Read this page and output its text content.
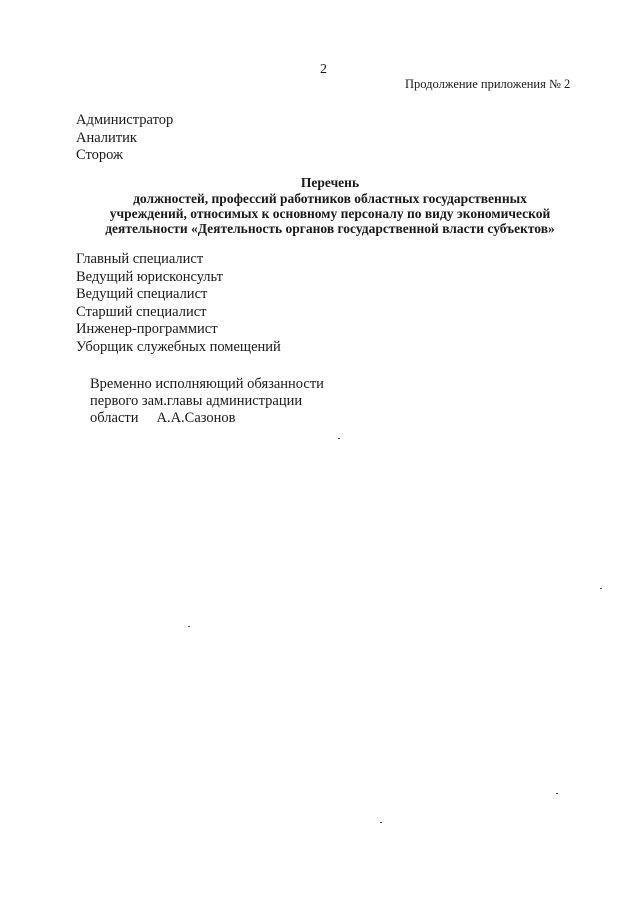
2
Продолжение приложения № 2
Администратор
Аналитик
Сторож
Перечень
должностей, профессий работников областных государственных
учреждений, относимых к основному персоналу по виду экономической
деятельности «Деятельность органов государственной власти субъектов»
Главный специалист
Ведущий юрисконсульт
Ведущий специалист
Старший специалист
Инженер-программист
Уборщик служебных помещений
Временно исполняющий обязанности
первого зам.главы администрации
области А.А.Сазонов
